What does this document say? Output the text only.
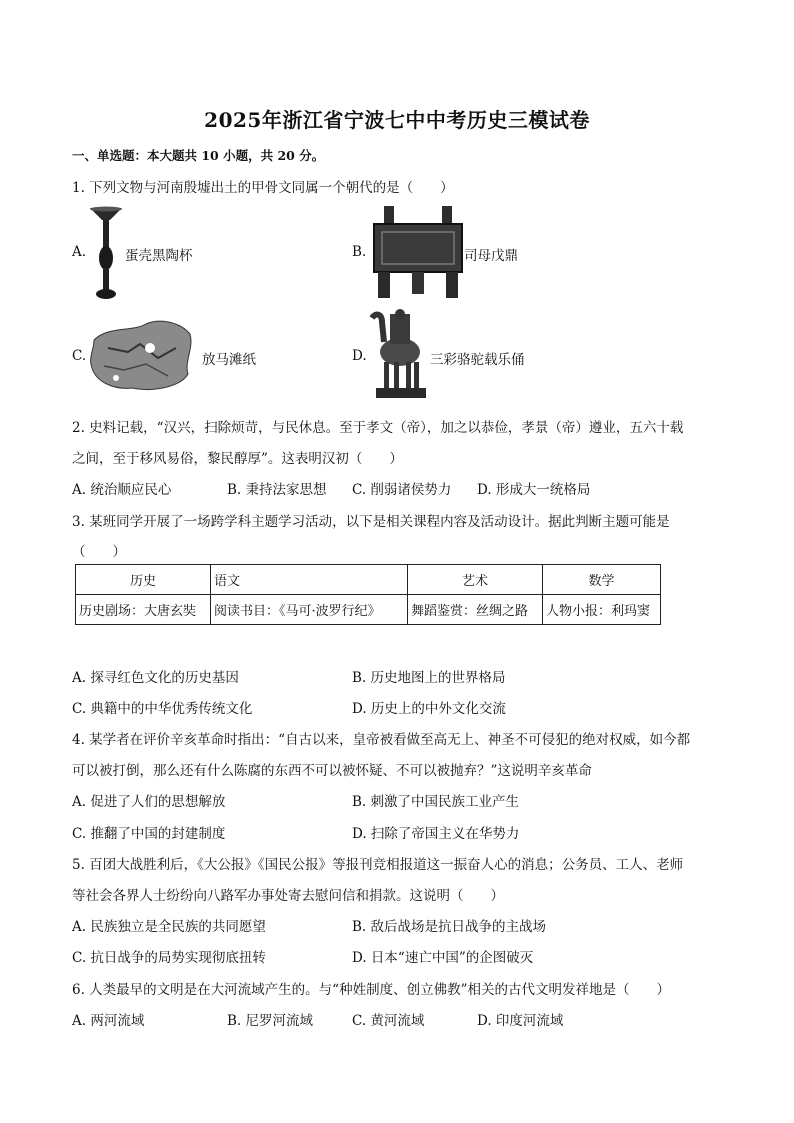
2025年浙江省宁波七中中考历史三模试卷
一、单选题：本大题共 10 小题，共 20 分。
1. 下列文物与河南殷墟出土的甲骨文同属一个朝代的是（　　）
A.	蛋壳黑陶杯	B.	司母戊鼎
C.	放马滩纸	D.	三彩骆驼载乐俑
2. 史料记载，“汉兴，扫除烦苛，与民休息。至于孝文（帝），加之以恭俭，孝景（帝）遵业，五六十载
之间，至于移风易俗，黎民醇厚”。这表明汉初（　　）
A. 统治顺应民心	B. 秉持法家思想 C. 削弱诸侯势力 D. 形成大一统格局
3. 某班同学开展了一场跨学科主题学习活动，以下是相关课程内容及活动设计。据此判断主题可能是
（　　）
历史	语文	艺术	数学
历史剧场：大唐玄奘	阅读书目：《马可·波罗行纪》	舞蹈鉴赏：丝绸之路	人物小报：利玛窦
A. 探寻红色文化的历史基因	B. 历史地图上的世界格局
C. 典籍中的中华优秀传统文化	D. 历史上的中外文化交流
4. 某学者在评价辛亥革命时指出：“自古以来，皇帝被看做至高无上、神圣不可侵犯的绝对权威，如今都
可以被打倒，那么还有什么陈腐的东西不可以被怀疑、不可以被抛弃？”这说明辛亥革命
A. 促进了人们的思想解放	B. 刺激了中国民族工业产生
C. 推翻了中国的封建制度	D. 扫除了帝国主义在华势力
5. 百团大战胜利后，《大公报》《国民公报》等报刊竞相报道这一振奋人心的消息；公务员、工人、老师
等社会各界人士纷纷向八路军办事处寄去慰问信和捐款。这说明（　　）
A. 民族独立是全民族的共同愿望	B. 敌后战场是抗日战争的主战场
C. 抗日战争的局势实现彻底扭转	D. 日本“速亡中国”的企图破灭
6. 人类最早的文明是在大河流域产生的。与“种姓制度、创立佛教”相关的古代文明发祥地是（　　）
A. 两河流域	B. 尼罗河流域	C. 黄河流域	D. 印度河流域
